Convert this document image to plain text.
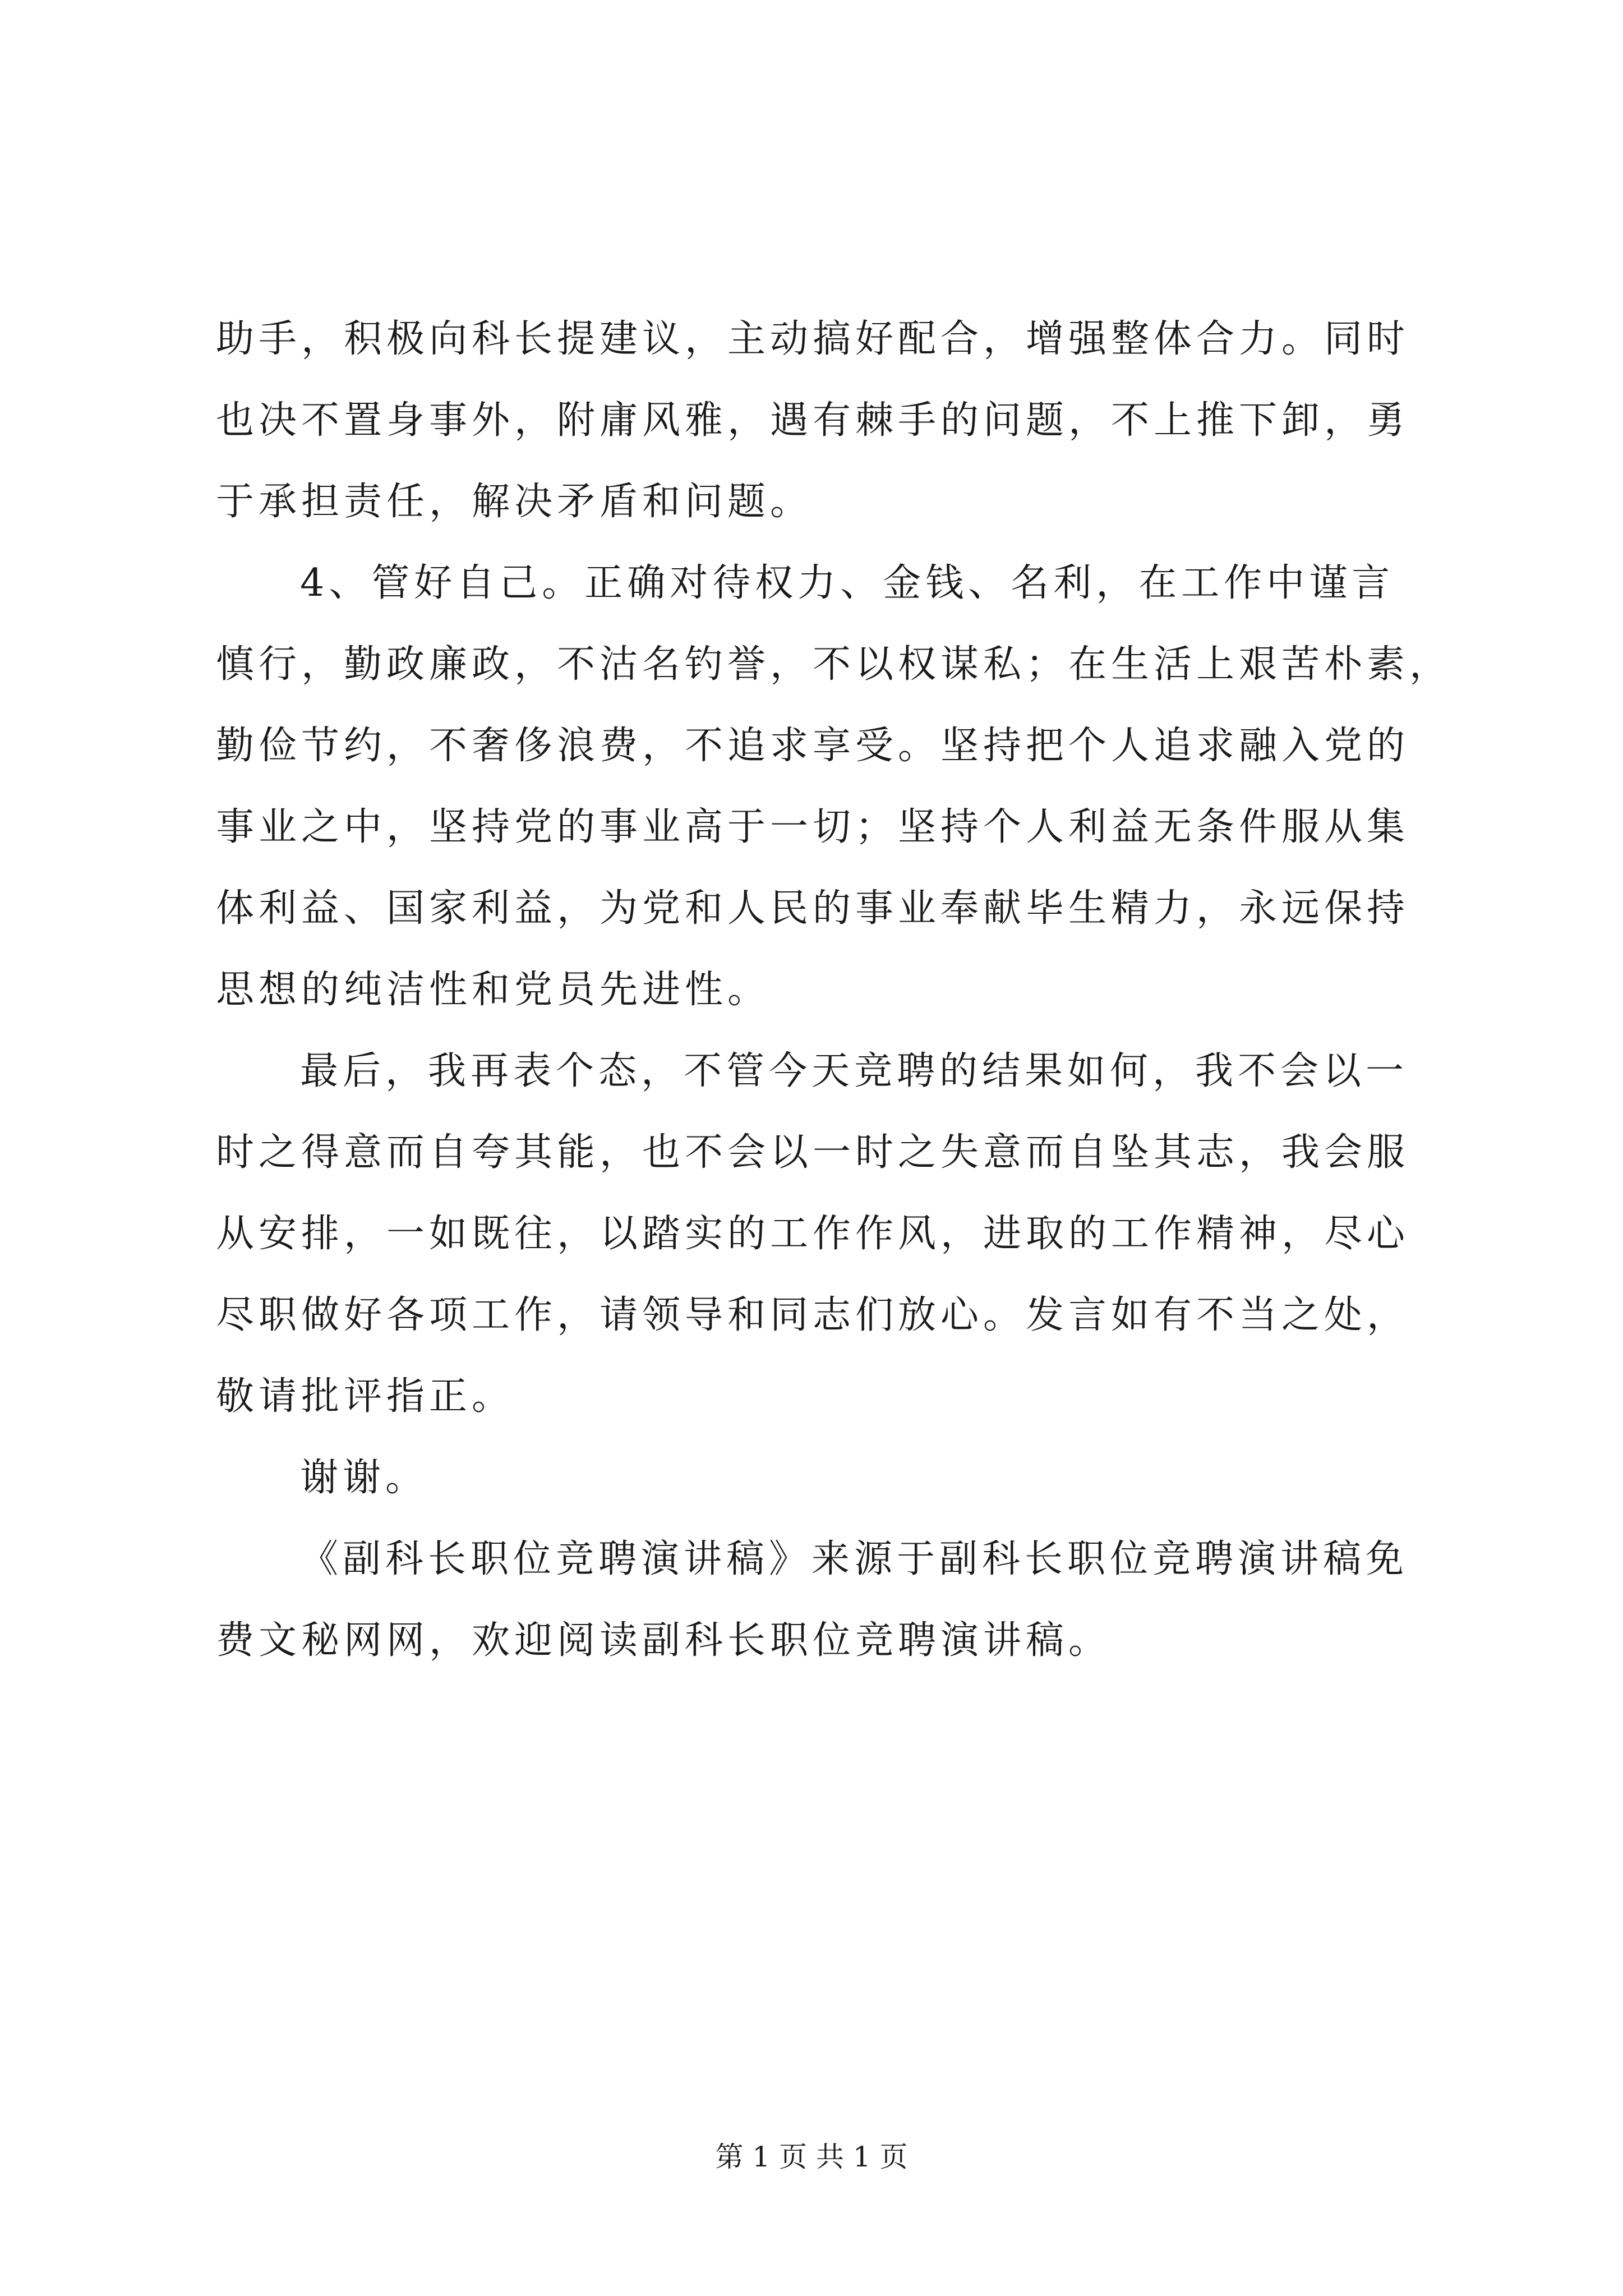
助手，积极向科长提建议，主动搞好配合，增强整体合力。同时
也决不置身事外，附庸风雅，遇有棘手的问题，不上推下卸，勇
于承担责任，解决矛盾和问题。
4、管好自己。正确对待权力、金钱、名利，在工作中谨言
慎行，勤政廉政，不沽名钓誉，不以权谋私；在生活上艰苦朴素，
勤俭节约，不奢侈浪费，不追求享受。坚持把个人追求融入党的
事业之中，坚持党的事业高于一切；坚持个人利益无条件服从集
体利益、国家利益，为党和人民的事业奉献毕生精力，永远保持
思想的纯洁性和党员先进性。
最后，我再表个态，不管今天竞聘的结果如何，我不会以一
时之得意而自夸其能，也不会以一时之失意而自坠其志，我会服
从安排，一如既往，以踏实的工作作风，进取的工作精神，尽心
尽职做好各项工作，请领导和同志们放心。发言如有不当之处，
敬请批评指正。
谢谢。
《副科长职位竞聘演讲稿》来源于副科长职位竞聘演讲稿免
费文秘网网，欢迎阅读副科长职位竞聘演讲稿。
第 1 页 共 1 页
